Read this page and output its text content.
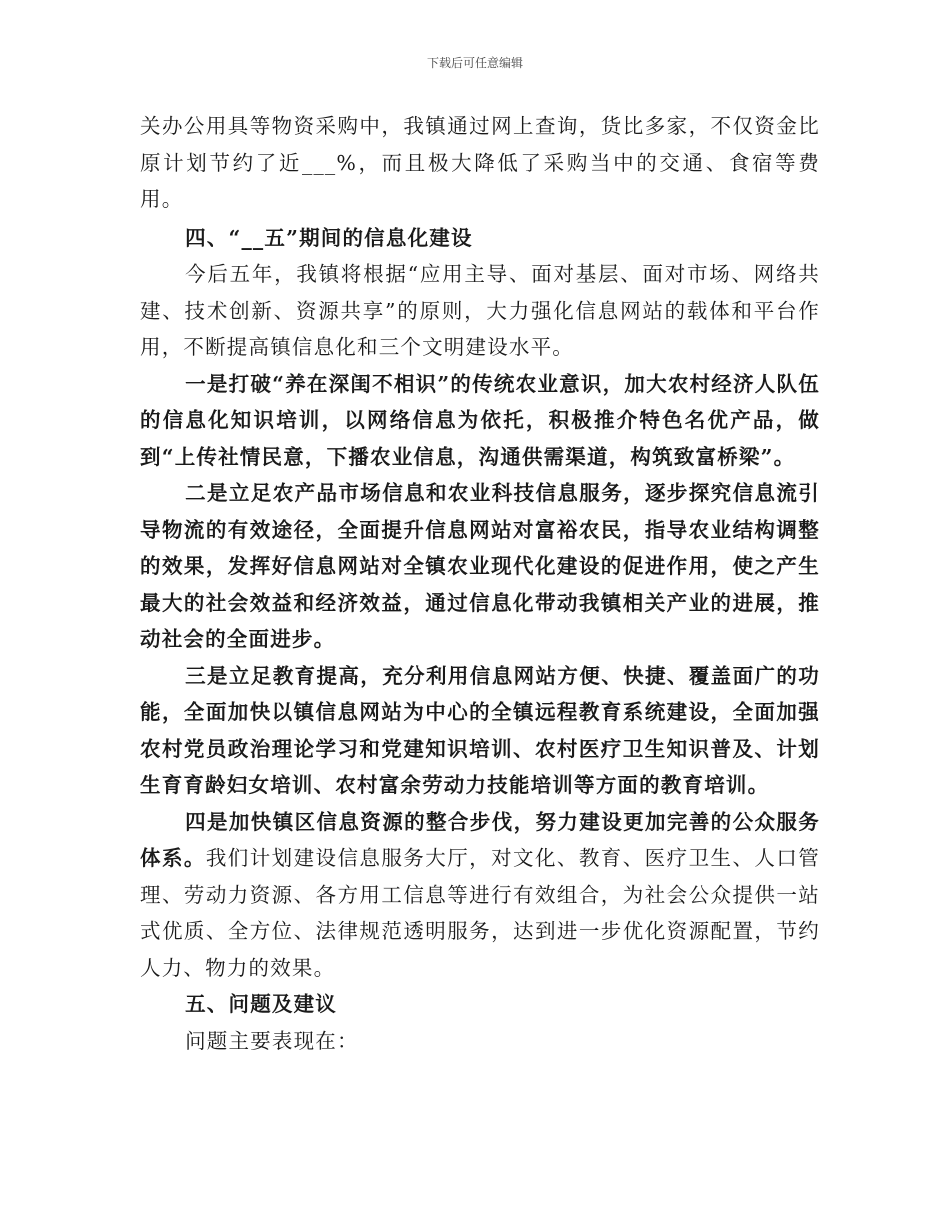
下载后可任意编辑

关办公用具等物资采购中，我镇通过网上查询，货比多家，不仅资金比原计划节约了近___%，而且极大降低了采购当中的交通、食宿等费用。

四、“__五”期间的信息化建设

今后五年，我镇将根据“应用主导、面对基层、面对市场、网络共建、技术创新、资源共享”的原则，大力强化信息网站的载体和平台作用，不断提高镇信息化和三个文明建设水平。

一是打破“养在深闺不相识”的传统农业意识，加大农村经济人队伍的信息化知识培训，以网络信息为依托，积极推介特色名优产品，做到“上传社情民意，下播农业信息，沟通供需渠道，构筑致富桥梁”。

二是立足农产品市场信息和农业科技信息服务，逐步探究信息流引导物流的有效途径，全面提升信息网站对富裕农民，指导农业结构调整的效果，发挥好信息网站对全镇农业现代化建设的促进作用，使之产生最大的社会效益和经济效益，通过信息化带动我镇相关产业的进展，推动社会的全面进步。

三是立足教育提高，充分利用信息网站方便、快捷、覆盖面广的功能，全面加快以镇信息网站为中心的全镇远程教育系统建设，全面加强农村党员政治理论学习和党建知识培训、农村医疗卫生知识普及、计划生育育龄妇女培训、农村富余劳动力技能培训等方面的教育培训。

四是加快镇区信息资源的整合步伐，努力建设更加完善的公众服务体系。我们计划建设信息服务大厅，对文化、教育、医疗卫生、人口管理、劳动力资源、各方用工信息等进行有效组合，为社会公众提供一站式优质、全方位、法律规范透明服务，达到进一步优化资源配置，节约人力、物力的效果。

五、问题及建议

问题主要表现在：
